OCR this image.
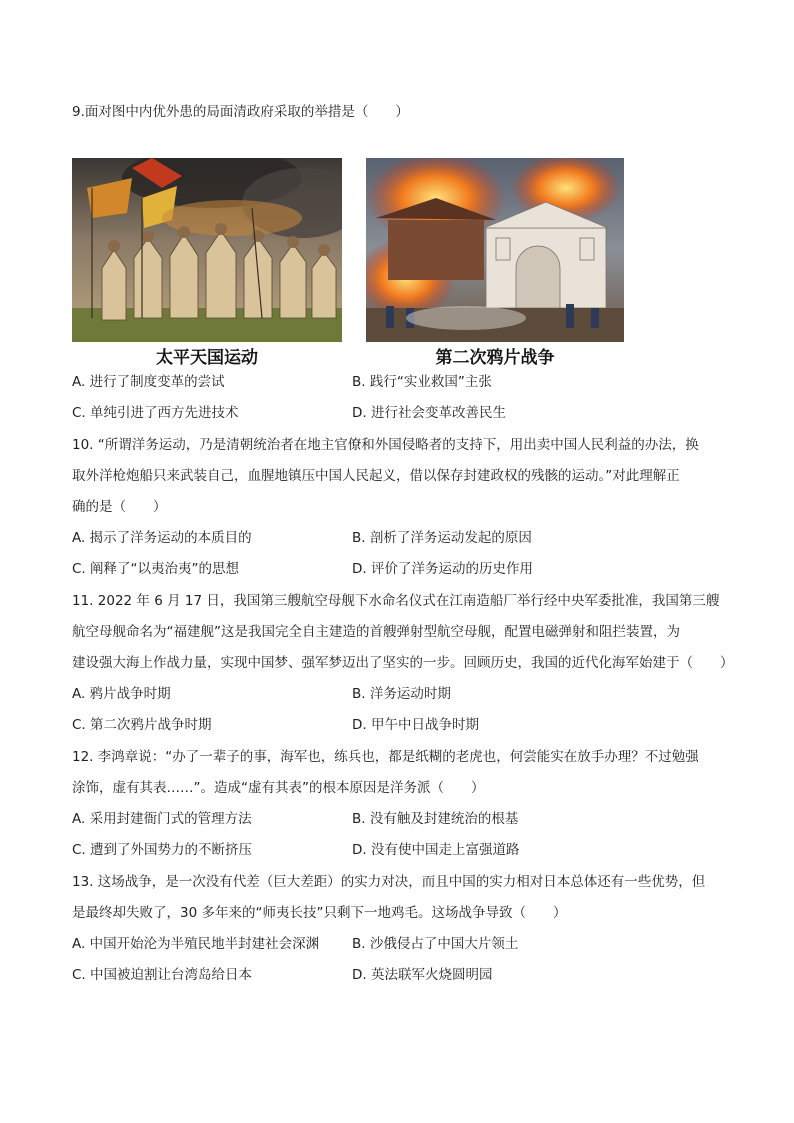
9.面对图中内优外患的局面清政府采取的举措是（　　）
太平天国运动	第二次鸦片战争
A. 进行了制度变革的尝试	B. 践行“实业救国”主张
C. 单纯引进了西方先进技术	D. 进行社会变革改善民生
10. “所谓洋务运动，乃是清朝统治者在地主官僚和外国侵略者的支持下，用出卖中国人民利益的办法，换
取外洋枪炮船只来武装自己，血腥地镇压中国人民起义，借以保存封建政权的残骸的运动。”对此理解正
确的是（　　）
A. 揭示了洋务运动的本质目的	B. 剖析了洋务运动发起的原因
C. 阐释了“以夷治夷”的思想	D. 评价了洋务运动的历史作用
11. 2022 年 6 月 17 日，我国第三艘航空母舰下水命名仪式在江南造船厂举行经中央军委批准，我国第三艘
航空母舰命名为“福建舰”这是我国完全自主建造的首艘弹射型航空母舰，配置电磁弹射和阻拦装置，为
建设强大海上作战力量，实现中国梦、强军梦迈出了坚实的一步。回顾历史，我国的近代化海军始建于（　　）
A. 鸦片战争时期	B. 洋务运动时期
C. 第二次鸦片战争时期	D. 甲午中日战争时期
12. 李鸿章说：“办了一辈子的事，海军也，练兵也，都是纸糊的老虎也，何尝能实在放手办理？不过勉强
涂饰，虚有其表……”。造成“虚有其表”的根本原因是洋务派（　　）
A. 采用封建衙门式的管理方法	B. 没有触及封建统治的根基
C. 遭到了外国势力的不断挤压	D. 没有使中国走上富强道路
13. 这场战争，是一次没有代差（巨大差距）的实力对决，而且中国的实力相对日本总体还有一些优势，但
是最终却失败了，30 多年来的“师夷长技”只剩下一地鸡毛。这场战争导致（　　）
A. 中国开始沦为半殖民地半封建社会深渊 B. 沙俄侵占了中国大片领土
C. 中国被迫割让台湾岛给日本	D. 英法联军火烧圆明园
